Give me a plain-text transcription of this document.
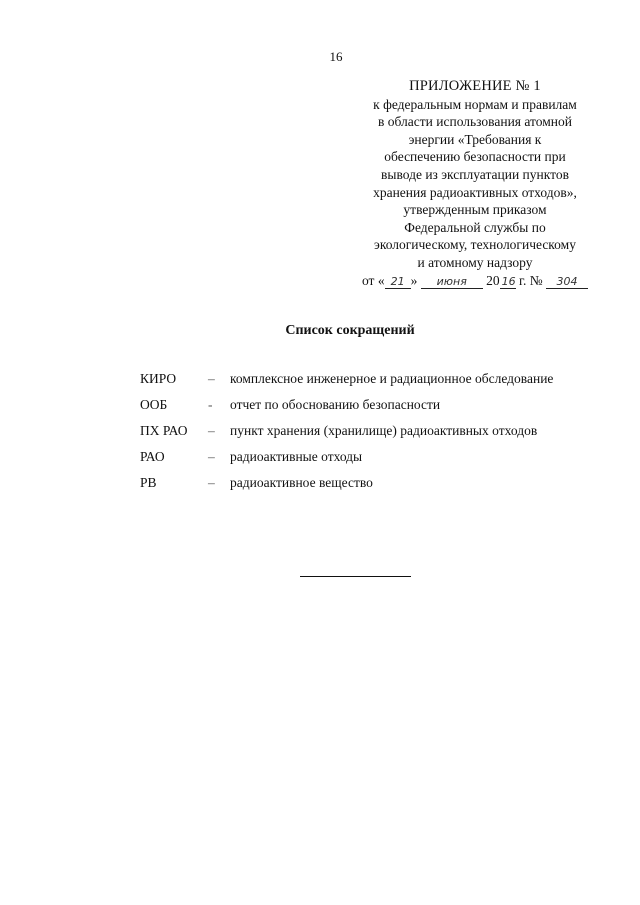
16
ПРИЛОЖЕНИЕ № 1
к федеральным нормам и правилам
в области использования атомной
энергии «Требования к
обеспечению безопасности при
выводе из эксплуатации пунктов
хранения радиоактивных отходов»,
утвержденным приказом
Федеральной службы по
экологическому, технологическому
и атомному надзору
от « 21 » июня 20 16 г. № 304
Список сокращений
КИРО – комплексное инженерное и радиационное обследование
ООБ	- отчет по обоснованию безопасности
ПХ РАО – пункт хранения (хранилище) радиоактивных отходов
РАО	– радиоактивные отходы
РВ	– радиоактивное вещество
